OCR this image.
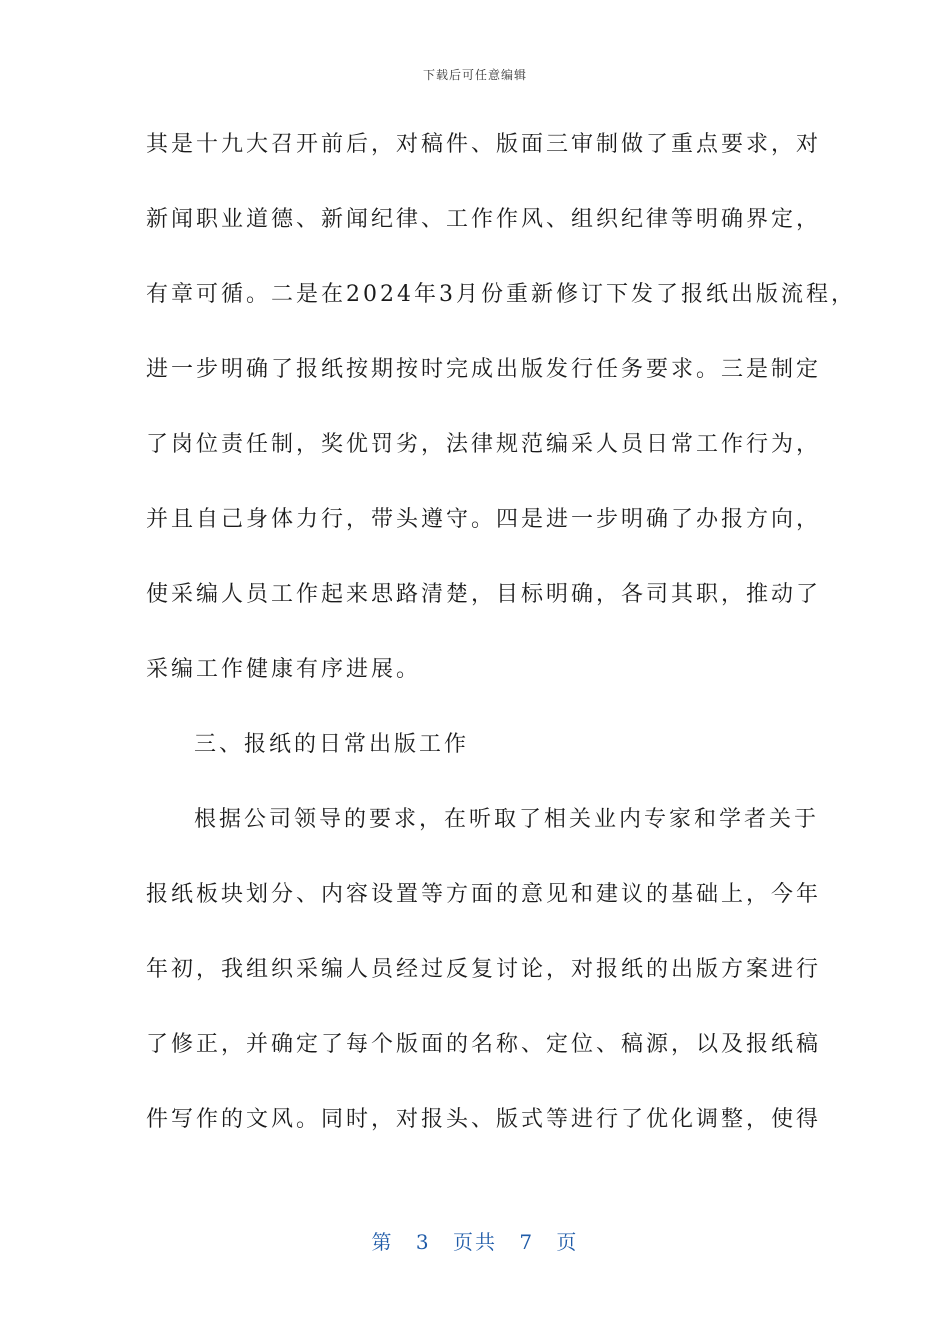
下载后可任意编辑
其是十九大召开前后，对稿件、版面三审制做了重点要求，对
新闻职业道德、新闻纪律、工作作风、组织纪律等明确界定，
有章可循。二是在2024年3月份重新修订下发了报纸出版流程，
进一步明确了报纸按期按时完成出版发行任务要求。三是制定
了岗位责任制，奖优罚劣，法律规范编采人员日常工作行为，
并且自己身体力行，带头遵守。四是进一步明确了办报方向，
使采编人员工作起来思路清楚，目标明确，各司其职，推动了
采编工作健康有序进展。
三、报纸的日常出版工作
根据公司领导的要求，在听取了相关业内专家和学者关于
报纸板块划分、内容设置等方面的意见和建议的基础上，今年
年初，我组织采编人员经过反复讨论，对报纸的出版方案进行
了修正，并确定了每个版面的名称、定位、稿源，以及报纸稿
件写作的文风。同时，对报头、版式等进行了优化调整，使得
第 3 页共 7 页
